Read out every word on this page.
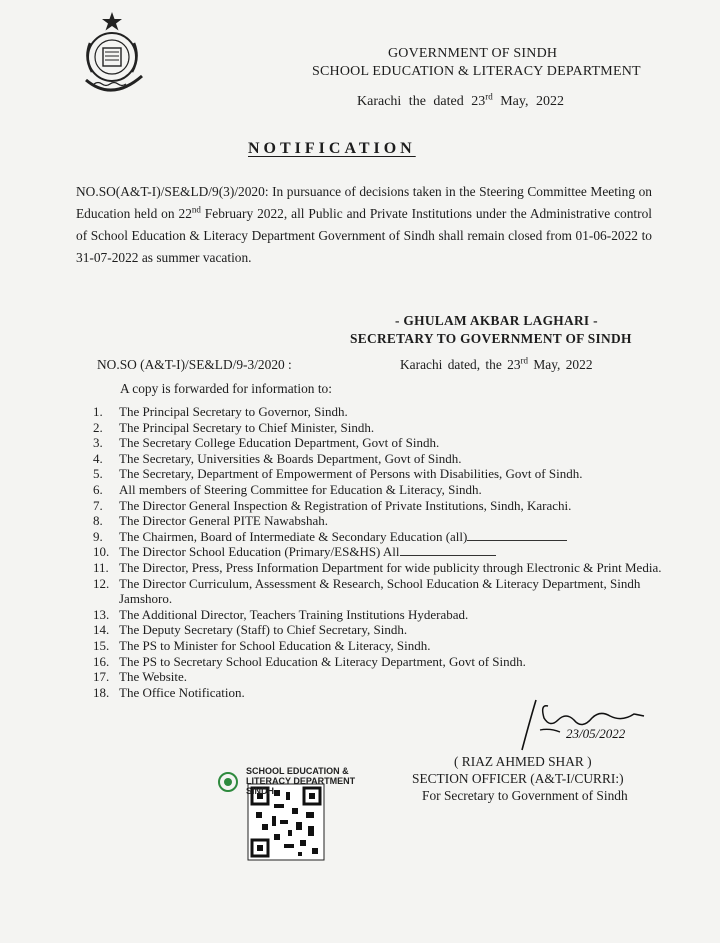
GOVERNMENT OF SINDH
SCHOOL EDUCATION & LITERACY DEPARTMENT
Karachi the dated 23rd May, 2022
NOTIFICATION
NO.SO(A&T-I)/SE&LD/9(3)/2020: In pursuance of decisions taken in the Steering Committee Meeting on Education held on 22nd February 2022, all Public and Private Institutions under the Administrative control of School Education & Literacy Department Government of Sindh shall remain closed from 01-06-2022 to 31-07-2022 as summer vacation.
- GHULAM AKBAR LAGHARI -
SECRETARY TO GOVERNMENT OF SINDH
NO.SO (A&T-I)/SE&LD/9-3/2020 :	Karachi dated, the 23rd May, 2022
A copy is forwarded for information to:
1.	The Principal Secretary to Governor, Sindh.
2.	The Principal Secretary to Chief Minister, Sindh.
3.	The Secretary College Education Department, Govt of Sindh.
4.	The Secretary, Universities & Boards Department, Govt of Sindh.
5.	The Secretary, Department of Empowerment of Persons with Disabilities, Govt of Sindh.
6.	All members of Steering Committee for Education & Literacy, Sindh.
7.	The Director General Inspection & Registration of Private Institutions, Sindh, Karachi.
8.	The Director General PITE Nawabshah.
9.	The Chairmen, Board of Intermediate & Secondary Education (all)
10. The Director School Education (Primary/ES&HS) All
11. The Director, Press, Press Information Department for wide publicity through Electronic & Print Media.
12. The Director Curriculum, Assessment & Research, School Education & Literacy Department, Sindh Jamshoro.
13. The Additional Director, Teachers Training Institutions Hyderabad.
14. The Deputy Secretary (Staff) to Chief Secretary, Sindh.
15. The PS to Minister for School Education & Literacy, Sindh.
16. The PS to Secretary School Education & Literacy Department, Govt of Sindh.
17. The Website.
18. The Office Notification.
23/05/2022
( RIAZ AHMED SHAR )
SECTION OFFICER (A&T-I/CURRI:)
For Secretary to Government of Sindh
SCHOOL EDUCATION &
LITERACY DEPARTMENT
SINDH
